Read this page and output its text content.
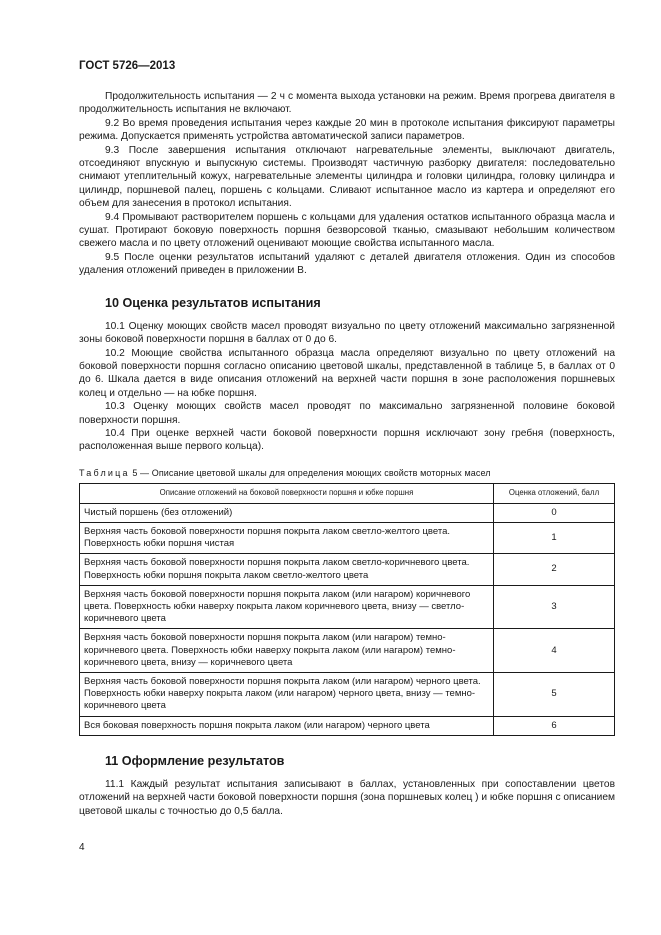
ГОСТ 5726—2013

Продолжительность испытания — 2 ч с момента выхода установки на режим. Время прогрева двигателя в продолжительность испытания не включают.

9.2 Во время проведения испытания через каждые 20 мин в протоколе испытания фиксируют параметры режима. Допускается применять устройства автоматической записи параметров.

9.3 После завершения испытания отключают нагревательные элементы, выключают двигатель, отсоединяют впускную и выпускную системы. Производят частичную разборку двигателя: последовательно снимают утеплительный кожух, нагревательные элементы цилиндра и головки цилиндра, головку цилиндра и цилиндр, поршневой палец, поршень с кольцами. Сливают испытанное масло из картера и определяют его объем для занесения в протокол испытания.

9.4 Промывают растворителем поршень с кольцами для удаления остатков испытанного образца масла и сушат. Протирают боковую поверхность поршня безворсовой тканью, смазывают небольшим количеством свежего масла и по цвету отложений оценивают моющие свойства испытанного масла.

9.5 После оценки результатов испытаний удаляют с деталей двигателя отложения. Один из способов удаления отложений приведен в приложении В.

10 Оценка результатов испытания

10.1 Оценку моющих свойств масел проводят визуально по цвету отложений максимально загрязненной зоны боковой поверхности поршня в баллах от 0 до 6.

10.2 Моющие свойства испытанного образца масла определяют визуально по цвету отложений на боковой поверхности поршня согласно описанию цветовой шкалы, представленной в таблице 5, в баллах от 0 до 6. Шкала дается в виде описания отложений на верхней части поршня в зоне расположения поршневых колец и отдельно — на юбке поршня.

10.3 Оценку моющих свойств масел проводят по максимально загрязненной половине боковой поверхности поршня.

10.4 При оценке верхней части боковой поверхности поршня исключают зону гребня (поверхность, расположенная выше первого кольца).

Таблица 5 — Описание цветовой шкалы для определения моющих свойств моторных масел
Описание отложений на боковой поверхности поршня и юбке поршня	Оценка отложений, балл
Чистый поршень (без отложений)	0
Верхняя часть боковой поверхности поршня покрыта лаком светло-желтого цвета. Поверхность юбки поршня чистая	1
Верхняя часть боковой поверхности поршня покрыта лаком светло-коричневого цвета. Поверхность юбки поршня покрыта лаком светло-желтого цвета	2
Верхняя часть боковой поверхности поршня покрыта лаком (или нагаром) коричневого цвета. Поверхность юбки наверху покрыта лаком коричневого цвета, внизу — светло-коричневого цвета	3
Верхняя часть боковой поверхности поршня покрыта лаком (или нагаром) темно-коричневого цвета. Поверхность юбки наверху покрыта лаком (или нагаром) темно-коричневого цвета, внизу — коричневого цвета	4
Верхняя часть боковой поверхности поршня покрыта лаком (или нагаром) черного цвета. Поверхность юбки наверху покрыта лаком (или нагаром) черного цвета, внизу — темно-коричневого цвета	5
Вся боковая поверхность поршня покрыта лаком (или нагаром) черного цвета	6
11 Оформление результатов

11.1 Каждый результат испытания записывают в баллах, установленных при сопоставлении цветов отложений на верхней части боковой поверхности поршня (зона поршневых колец ) и юбке поршня с описанием цветовой шкалы с точностью до 0,5 балла.

4
